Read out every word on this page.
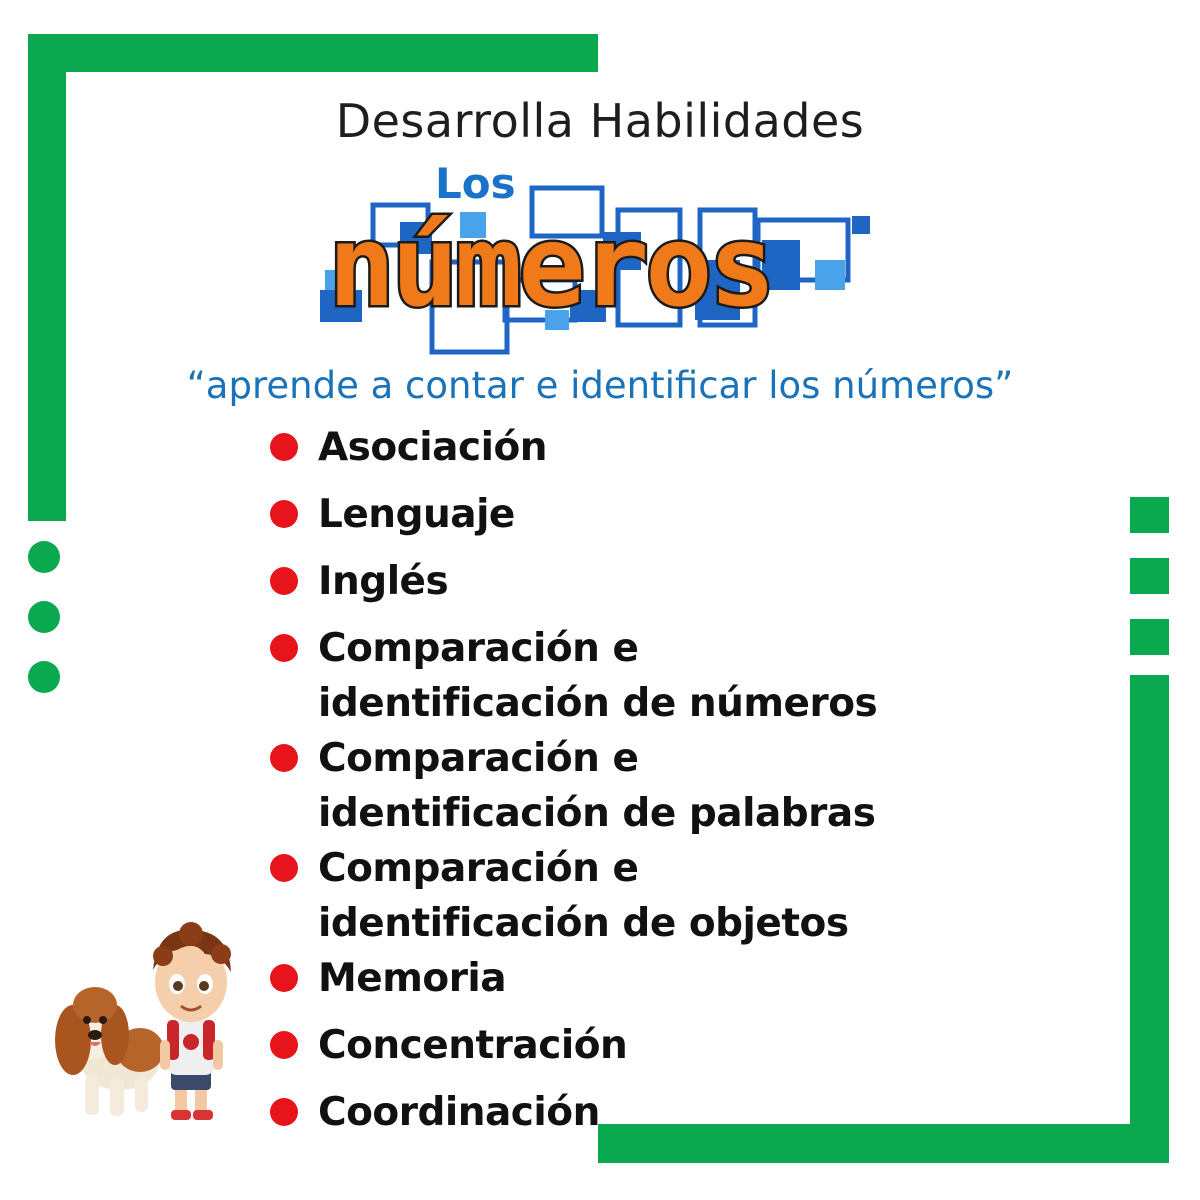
Desarrolla Habilidades
Los
números
“aprende a contar e identificar los números”
Asociación
Lenguaje
Inglés
Comparación e identificación de números
Comparación e identificación de palabras
Comparación e identificación de objetos
Memoria
Concentración
Coordinación
